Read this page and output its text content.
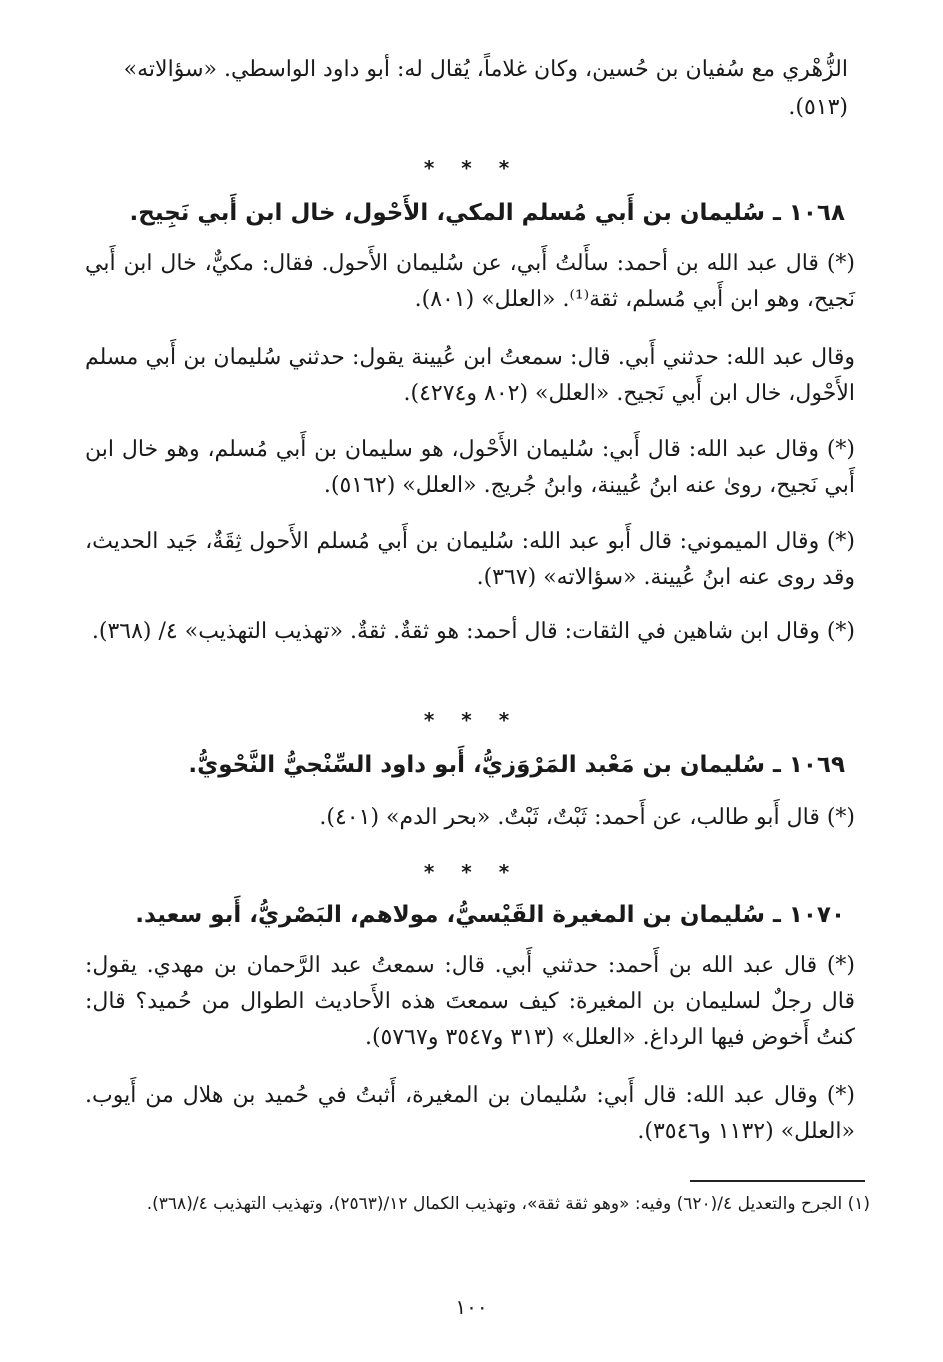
الزُّهْري مع سُفيان بن حُسين، وكان غلاماً، يُقال له: أبو داود الواسطي. «سؤالاته»
(٥١٣).
* * *
١٠٦٨ ـ سُليمان بن أَبي مُسلم المكي، الأَحْول، خال ابن أَبي نَجِيح.
(*) قال عبد الله بن أحمد: سأَلتُ أَبي، عن سُليمان الأَحول. فقال: مكيٌّ، خال ابن أَبي نَجيح، وهو ابن أَبي مُسلم، ثقة⁽¹⁾. «العلل» (٨٠١).
وقال عبد الله: حدثني أَبي. قال: سمعتُ ابن عُيينة يقول: حدثني سُليمان بن أَبي مسلم الأَحْول، خال ابن أَبي نَجيح. «العلل» (٨٠٢ و٤٢٧٤).
(*) وقال عبد الله: قال أَبي: سُليمان الأَحْول، هو سليمان بن أَبي مُسلم، وهو خال ابن أَبي نَجيح، روىٰ عنه ابنُ عُيينة، وابنُ جُريج. «العلل» (٥١٦٢).
(*) وقال الميموني: قال أَبو عبد الله: سُليمان بن أَبي مُسلم الأَحول ثِقَةٌ، جَيد الحديث، وقد روى عنه ابنُ عُيينة. «سؤالاته» (٣٦٧).
(*) وقال ابن شاهين في الثقات: قال أحمد: هو ثقةٌ. ثقةٌ. «تهذيب التهذيب» ٤/ (٣٦٨).
* * *
١٠٦٩ ـ سُليمان بن مَعْبد المَرْوَزيُّ، أَبو داود السِّنْجيُّ النَّحْويُّ.
(*) قال أَبو طالب، عن أَحمد: ثَبْتٌ، ثَبْتٌ. «بحر الدم» (٤٠١).
* * *
١٠٧٠ ـ سُليمان بن المغيرة القَيْسيُّ، مولاهم، البَصْريُّ، أَبو سعيد.
(*) قال عبد الله بن أَحمد: حدثني أَبي. قال: سمعتُ عبد الرَّحمان بن مهدي. يقول: قال رجلٌ لسليمان بن المغيرة: كيف سمعتَ هذه الأَحاديث الطوال من حُميد؟ قال: كنتُ أَخوض فيها الرداغ. «العلل» (٣١٣ و٣٥٤٧ و٥٧٦٧).
(*) وقال عبد الله: قال أَبي: سُليمان بن المغيرة، أَثبتُ في حُميد بن هلال من أَيوب. «العلل» (١١٣٢ و٣٥٤٦).
(١) الجرح والتعديل ٤/(٦٢٠) وفيه: «وهو ثقة ثقة»، وتهذيب الكمال ١٢/(٢٥٦٣)، وتهذيب التهذيب ٤/(٣٦٨).
١٠٠
